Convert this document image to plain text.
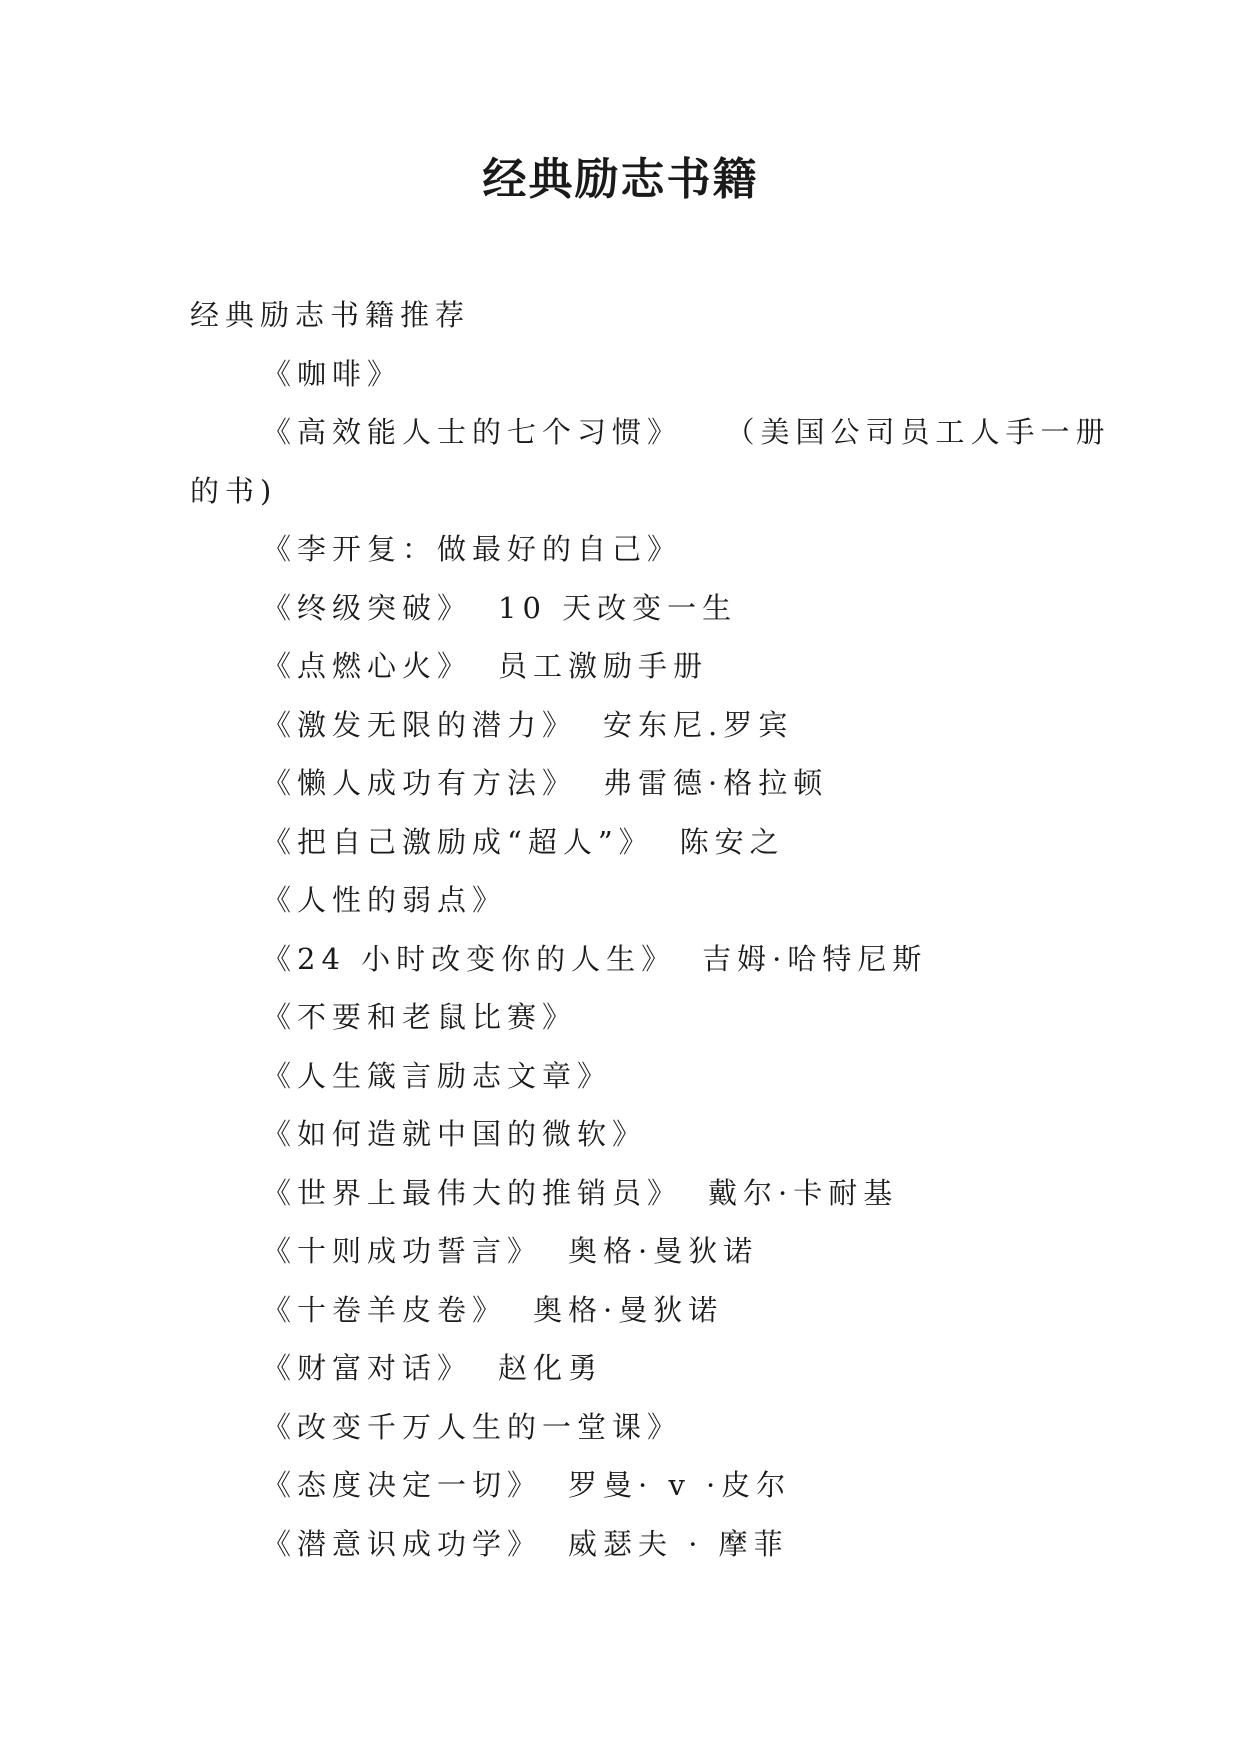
经典励志书籍
经典励志书籍推荐
《咖啡》
《高效能人士的七个习惯》 （美国公司员工人手一册
的书)
《李开复：做最好的自己》
《终级突破》 10 天改变一生
《点燃心火》 员工激励手册
《激发无限的潜力》 安东尼.罗宾
《懒人成功有方法》 弗雷德·格拉顿
《把自己激励成“超人”》 陈安之
《人性的弱点》
《24 小时改变你的人生》 吉姆·哈特尼斯
《不要和老鼠比赛》
《人生箴言励志文章》
《如何造就中国的微软》
《世界上最伟大的推销员》 戴尔·卡耐基
《十则成功誓言》 奥格·曼狄诺
《十卷羊皮卷》 奥格·曼狄诺
《财富对话》 赵化勇
《改变千万人生的一堂课》
《态度决定一切》 罗曼· v ·皮尔
《潜意识成功学》 威瑟夫 · 摩菲
